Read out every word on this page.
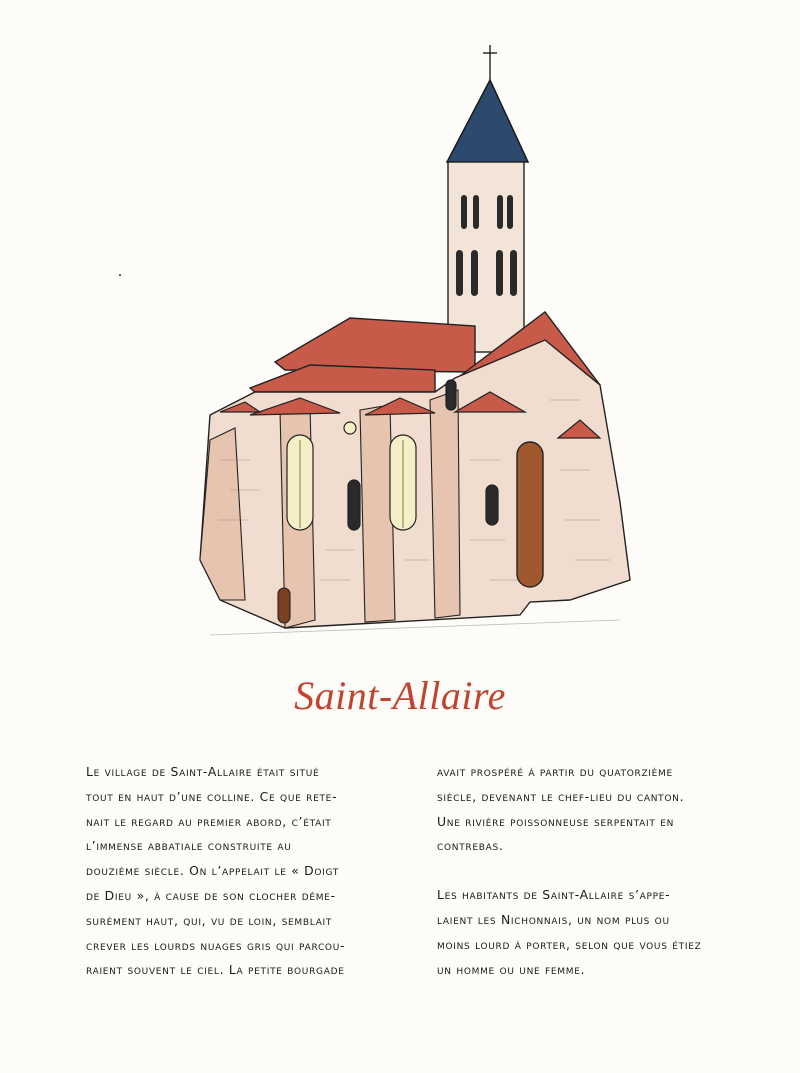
Saint-Allaire
Le village de Saint-Allaire était situé
tout en haut d’une colline. Ce que rete-
nait le regard au premier abord, c’était
l’immense abbatiale construite au
douzième siècle. On l’appelait le « Doigt
de Dieu », à cause de son clocher déme-
surément haut, qui, vu de loin, semblait
crever les lourds nuages gris qui parcou-
raient souvent le ciel. La petite bourgade
avait prospéré à partir du quatorzième
siècle, devenant le chef-lieu du canton.
Une rivière poissonneuse serpentait en
contrebas.
Les habitants de Saint-Allaire s’appe-
laient les Nichonnais, un nom plus ou
moins lourd à porter, selon que vous étiez
un homme ou une femme.
